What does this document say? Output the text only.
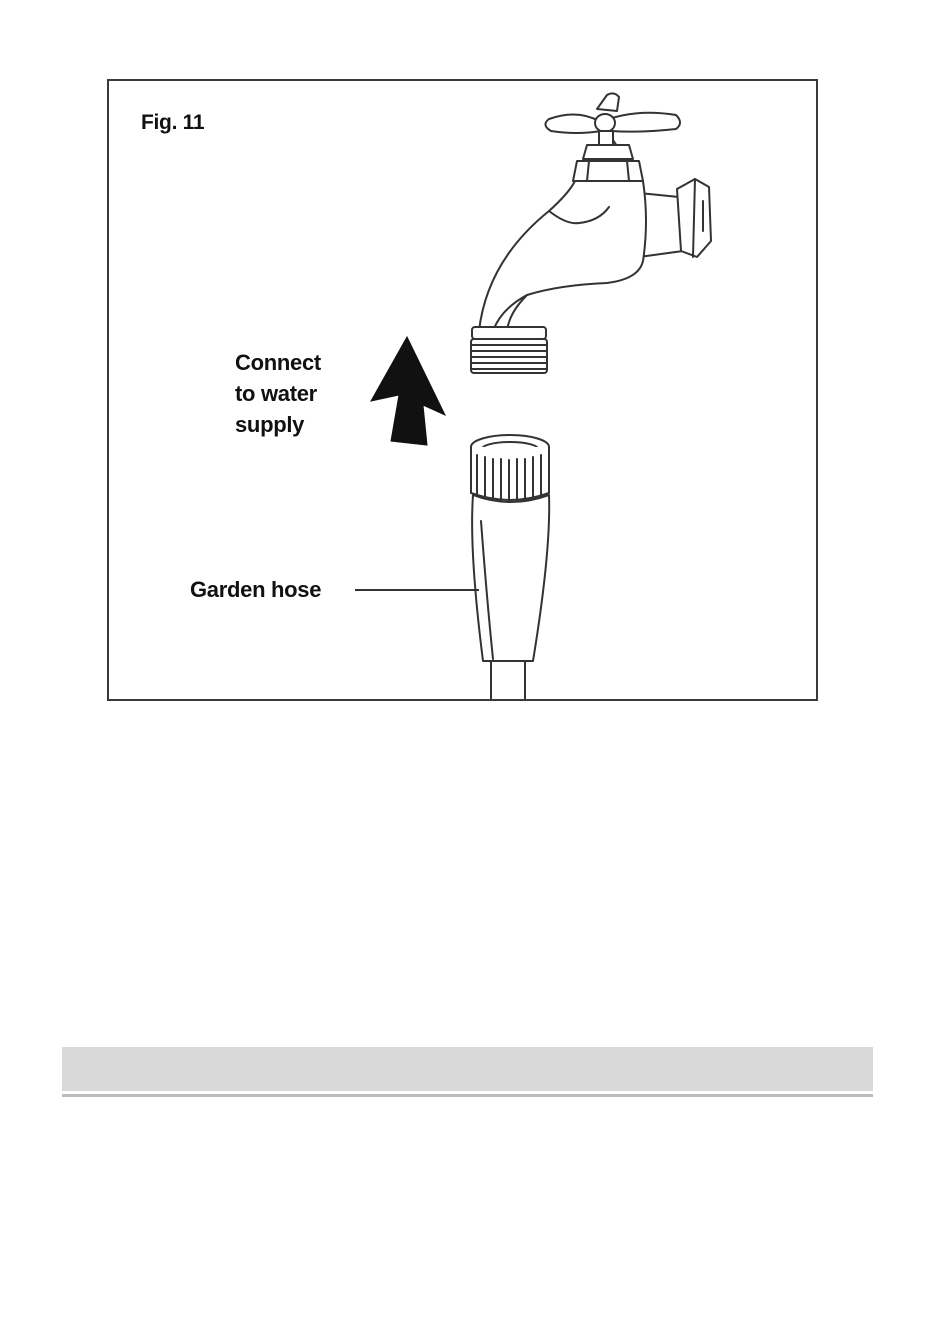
Fig. 11

Connect
to water
supply
Garden hose
